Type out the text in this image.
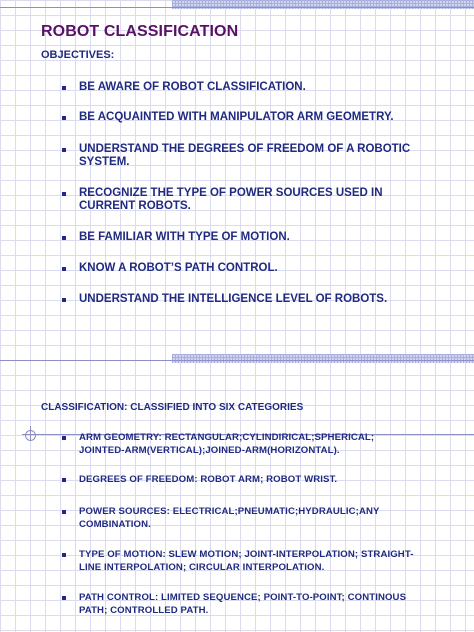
ROBOT CLASSIFICATION
OBJECTIVES:
BE AWARE OF ROBOT CLASSIFICATION.
BE ACQUAINTED WITH MANIPULATOR ARM GEOMETRY.
UNDERSTAND THE DEGREES OF FREEDOM OF A ROBOTIC SYSTEM.
RECOGNIZE THE TYPE OF POWER SOURCES USED IN CURRENT ROBOTS.
BE FAMILIAR WITH TYPE OF MOTION.
KNOW A ROBOT’S PATH CONTROL.
UNDERSTAND THE INTELLIGENCE LEVEL OF ROBOTS.
CLASSIFICATION: CLASSIFIED INTO SIX CATEGORIES
ARM GEOMETRY: RECTANGULAR;CYLINDIRICAL;SPHERICAL; JOINTED-ARM(VERTICAL);JOINED-ARM(HORIZONTAL).
DEGREES OF FREEDOM: ROBOT ARM; ROBOT WRIST.
POWER SOURCES: ELECTRICAL;PNEUMATIC;HYDRAULIC;ANY COMBINATION.
TYPE OF MOTION: SLEW MOTION; JOINT-INTERPOLATION; STRAIGHT-LINE INTERPOLATION; CIRCULAR INTERPOLATION.
PATH CONTROL: LIMITED SEQUENCE; POINT-TO-POINT; CONTINOUS PATH; CONTROLLED PATH.
